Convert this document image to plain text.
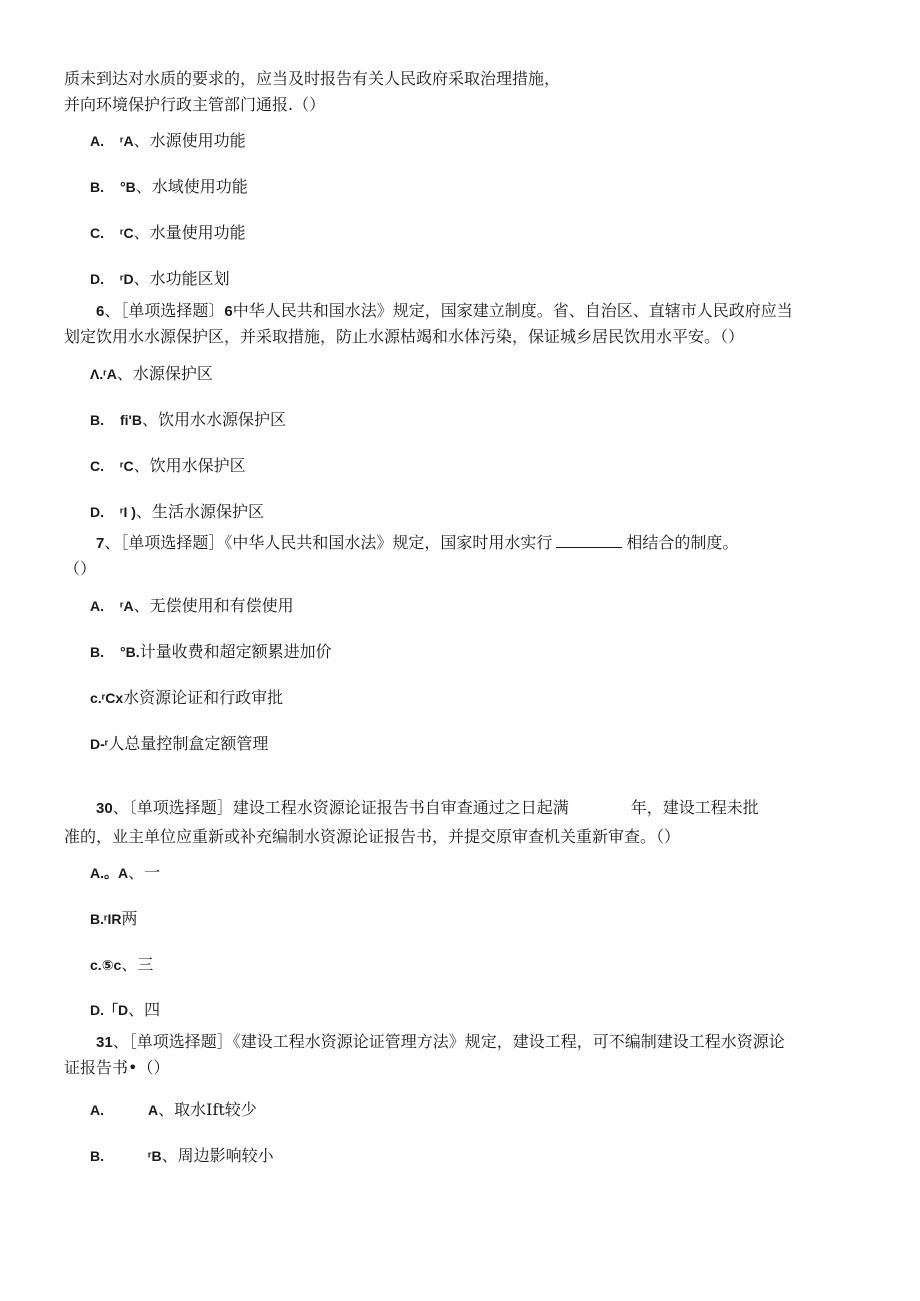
质未到达对水质的要求的，应当及时报告有关人民政府采取治理措施，
并向环境保护行政主管部门通报.（）
A. ʳA、水源使用功能
B. °B、水域使用功能
C. ʳC、水量使用功能
D. ʳD、水功能区划
6、［单项选择题〕6中华人民共和国水法》规定，国家建立制度。省、自治区、直辖市人民政府应当
划定饮用水水源保护区，并采取措施，防止水源枯竭和水体污染，保证城乡居民饮用水平安。（）
Λ.ʳA、水源保护区
B. fi'B、饮用水水源保护区
C. ʳC、饮用水保护区
D. ʳI )、生活水源保护区
7、［单项选择题］《中华人民共和国水法》规定，国家时用水实行	相结合的制度。
（）
A. ʳA、无偿使用和有偿使用
B. °B.计量收费和超定额累进加价
c.ʳCx水资源论证和行政审批
D-ʳ人总量控制盒定额管理
30、〔单项选择题］建设工程水资源论证报告书自审查通过之日起满	年，建设工程未批
准的，业主单位应重新或补充编制水资源论证报告书，并提交原审查机关重新审查。（）
A.。A、一
B.ʳIR两
c.⑤c、三
D.「D、四
31、［单项选择题］《建设工程水资源论证管理方法》规定，建设工程，可不编制建设工程水资源论
证报告书•（）
A.	A、取水Ift较少
B.	ʳB、周边影响较小
